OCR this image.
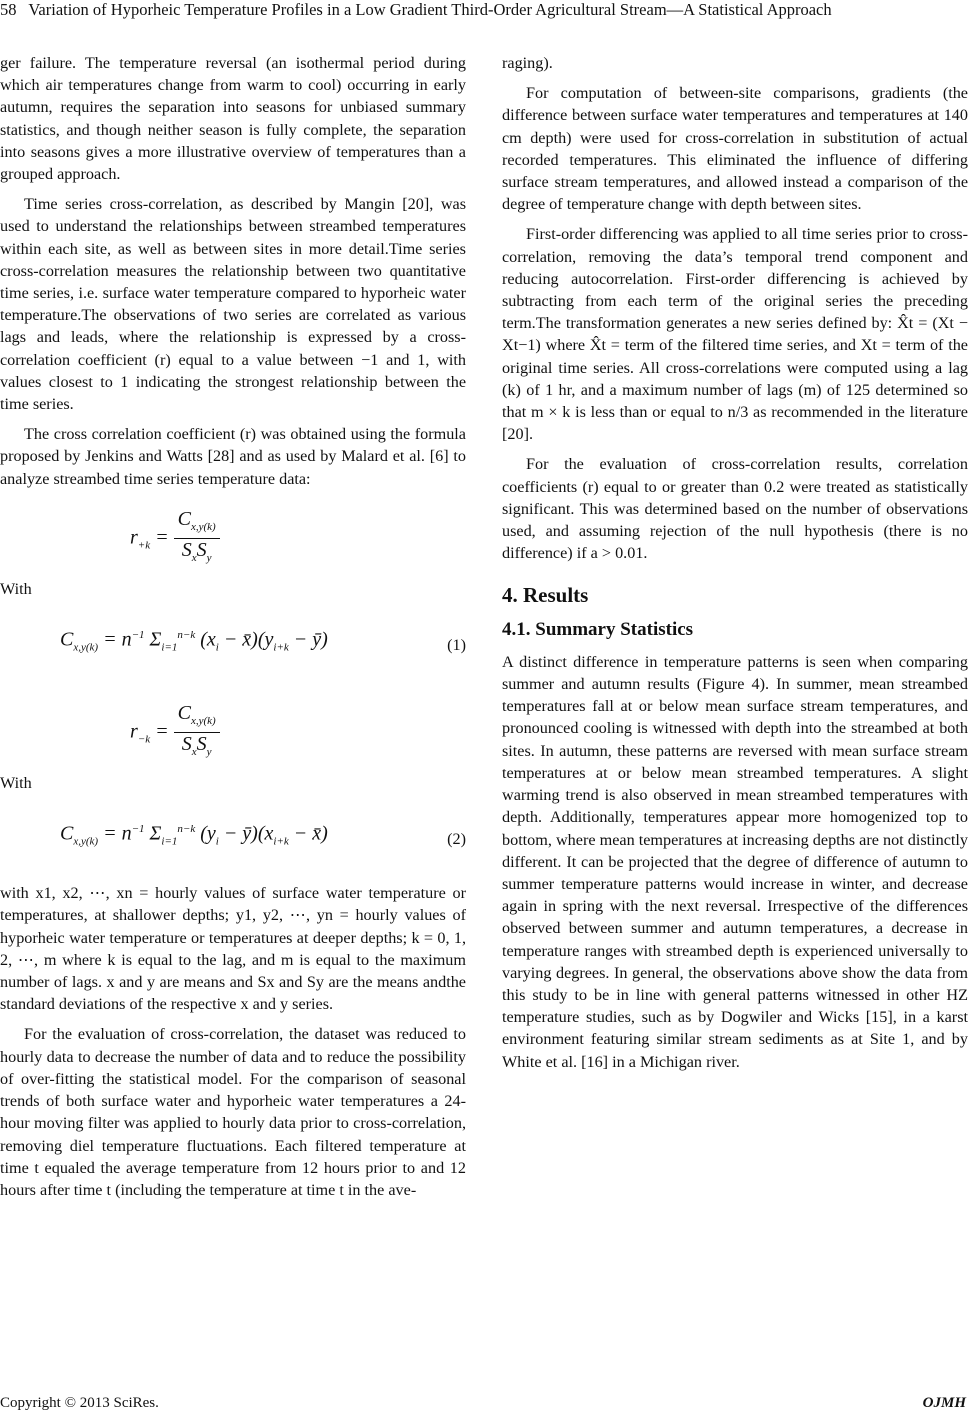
58 Variation of Hyporheic Temperature Profiles in a Low Gradient Third-Order Agricultural Stream—A Statistical Approach

ger failure. The temperature reversal (an isothermal period during which air temperatures change from warm to cool) occurring in early autumn, requires the separation into seasons for unbiased summary statistics, and though neither season is fully complete, the separation into seasons gives a more illustrative overview of temperatures than a grouped approach.

Time series cross-correlation, as described by Mangin [20], was used to understand the relationships between streambed temperatures within each site, as well as between sites in more detail.Time series cross-correlation measures the relationship between two quantitative time series, i.e. surface water temperature compared to hyporheic water temperature.The observations of two series are correlated as various lags and leads, where the relationship is expressed by a cross-correlation coefficient (r) equal to a value between −1 and 1, with values closest to 1 indicating the strongest relationship between the time series.

The cross correlation coefficient (r) was obtained using the formula proposed by Jenkins and Watts [28] and as used by Malard et al. [6] to analyze streambed time series temperature data:

$r_{+k} = \frac{C_{x,y(k)}}{S_xS_y}$

With

$C_{x,y(k)} = n^{-1}$ $\Sigma_{i=1}^{n-k}$ ($x_i$ − $x̄)(y_{i+k}$ − ȳ)	(1)
$r_{-k} = \frac{C_{x,y(k)}}{S_xS_y}$

With

$C_{x,y(k)} = n^{-1}$ $\Sigma_{i=1}^{n-k}$ ($y_i$ − $ȳ)(x_{i+k}$ − x̄)	(2)

with x1, x2, ⋯, xn = hourly values of surface water temperature or temperatures, at shallower depths; y1, y2, ⋯, yn = hourly values of hyporheic water temperature or temperatures at deeper depths; k = 0, 1, 2, ⋯, m where k is equal to the lag, and m is equal to the maximum number of lags. x and y are means and Sx and Sy are the means andthe standard deviations of the respective x and y series.

For the evaluation of cross-correlation, the dataset was reduced to hourly data to decrease the number of data and to reduce the possibility of over-fitting the statistical model. For the comparison of seasonal trends of both surface water and hyporheic water temperatures a 24-hour moving filter was applied to hourly data prior to cross-correlation, removing diel temperature fluctuations. Each filtered temperature at time t equaled the average temperature from 12 hours prior to and 12 hours after time t (including the temperature at time t in the ave-

raging).

For computation of between-site comparisons, gradients (the difference between surface water temperatures and temperatures at 140 cm depth) were used for cross-correlation in substitution of actual recorded temperatures. This eliminated the influence of differing surface stream temperatures, and allowed instead a comparison of the degree of temperature change with depth between sites.

First-order differencing was applied to all time series prior to cross-correlation, removing the data’s temporal trend component and reducing autocorrelation. First-order differencing is achieved by subtracting from each term of the original series the preceding term.The transformation generates a new series defined by: X̂t = (Xt − Xt−1) where X̂t = term of the filtered time series, and Xt = term of the original time series. All cross-correlations were computed using a lag (k) of 1 hr, and a maximum number of lags (m) of 125 determined so that m × k is less than or equal to n/3 as recommended in the literature [20].

For the evaluation of cross-correlation results, correlation coefficients (r) equal to or greater than 0.2 were treated as statistically significant. This was determined based on the number of observations used, and assuming rejection of the null hypothesis (there is no difference) if a > 0.01.

4. Results
4.1. Summary Statistics

A distinct difference in temperature patterns is seen when comparing summer and autumn results (Figure 4). In summer, mean streambed temperatures fall at or below mean surface stream temperatures, and pronounced cooling is witnessed with depth into the streambed at both sites. In autumn, these patterns are reversed with mean surface stream temperatures at or below mean streambed temperatures. A slight warming trend is also observed in mean streambed temperatures with depth. Additionally, temperatures appear more homogenized top to bottom, where mean temperatures at increasing depths are not distinctly different. It can be projected that the degree of difference of autumn to summer temperature patterns would increase in winter, and decrease again in spring with the next reversal. Irrespective of the differences observed between summer and autumn temperatures, a decrease in temperature ranges with streambed depth is experienced universally to varying degrees. In general, the observations above show the data from this study to be in line with general patterns witnessed in other HZ temperature studies, such as by Dogwiler and Wicks [15], in a karst environment featuring similar stream sediments as at Site 1, and by White et al. [16] in a Michigan river.

Copyright © 2013 SciRes.	OJMH
